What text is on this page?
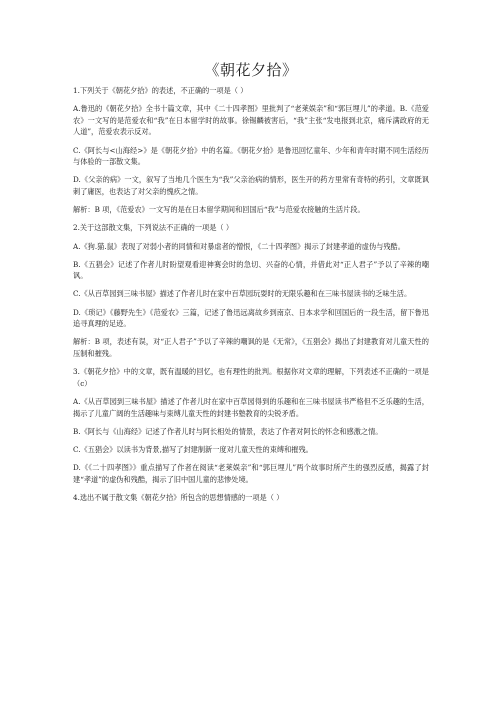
《朝花夕拾》

1.下列关于《朝花夕拾》的表述，不正确的一项是（ ）

A.鲁迅的《朝花夕拾》全书十篇文章，其中《二十四孝图》里批判了“老莱娱亲”和“郭巨埋儿”的孝道。B.《范爱农》一文写的是范爱农和“我”在日本留学时的故事。徐锡麟被害后，“我”主张“发电报到北京，痛斥满政府的无人道”，范爱农表示反对。

C.《阿长与<山海经>》是《朝花夕拾》中的名篇。《朝花夕拾》是鲁迅回忆童年、少年和青年时期不同生活经历与体验的一部散文集。

D.《父亲的病》一文，叙写了当地几个医生为“我”父亲治病的情形，医生开的药方里常有奇特的药引，文章既讽刺了庸医，也表达了对父亲的愧疚之情。

解析：B 项，《范爱农》一文写的是在日本留学期间和回国后“我”与范爱农接触的生活片段。

2.关于这部散文集，下列说法不正确的一项是（ ）

A.《狗.猫.鼠》表现了对弱小者的同情和对暴虐者的憎恨，《二十四孝图》揭示了封建孝道的虚伪与残酷。

B.《五猖会》记述了作者儿时盼望观看迎神赛会时的急切、兴奋的心情，并借此对“正人君子”予以了辛辣的嘲讽。

C.《从百草园到三味书屋》描述了作者儿时在家中百草园玩耍时的无限乐趣和在三味书屋读书的乏味生活。

D.《琐记》《藤野先生》《范爱农》三篇，记述了鲁迅远离故乡到南京、日本求学和回国后的一段生活，留下鲁迅追寻真理的足迹。

解析：B 项，表述有误，对“正人君子”予以了辛辣的嘲讽的是《无常》，《五猖会》揭出了封建教育对儿童天性的压制和摧残。

3.《朝花夕拾》中的文章，既有温暖的回忆，也有理性的批判。根据你对文章的理解，下列表述不正确的一项是（c）

A.《从百草园到三味书屋》描述了作者儿时在家中百草园得到的乐趣和在三味书屋读书严格但不乏乐趣的生活，揭示了儿童广阔的生活趣味与束缚儿童天性的封建书塾教育的尖锐矛盾。

B.《阿长与《山海经》记述了作者儿时与阿长相处的情景，表达了作者对阿长的怀念和感激之情。

C.《五猖会》以读书为背景,描写了封建制新一度对儿童天性的束缚和摧残。

D.《《二十四孝图》》重点描写了作者在阅读“老莱娱亲”和“郭巨埋儿”两个故事时所产生的强烈反感，揭露了封建“孝道”的虚伪和残酷，揭示了旧中国儿童的悲惨处境。

4.选出不属于散文集《朝花夕拾》所包含的思想情感的一项是（ ）
